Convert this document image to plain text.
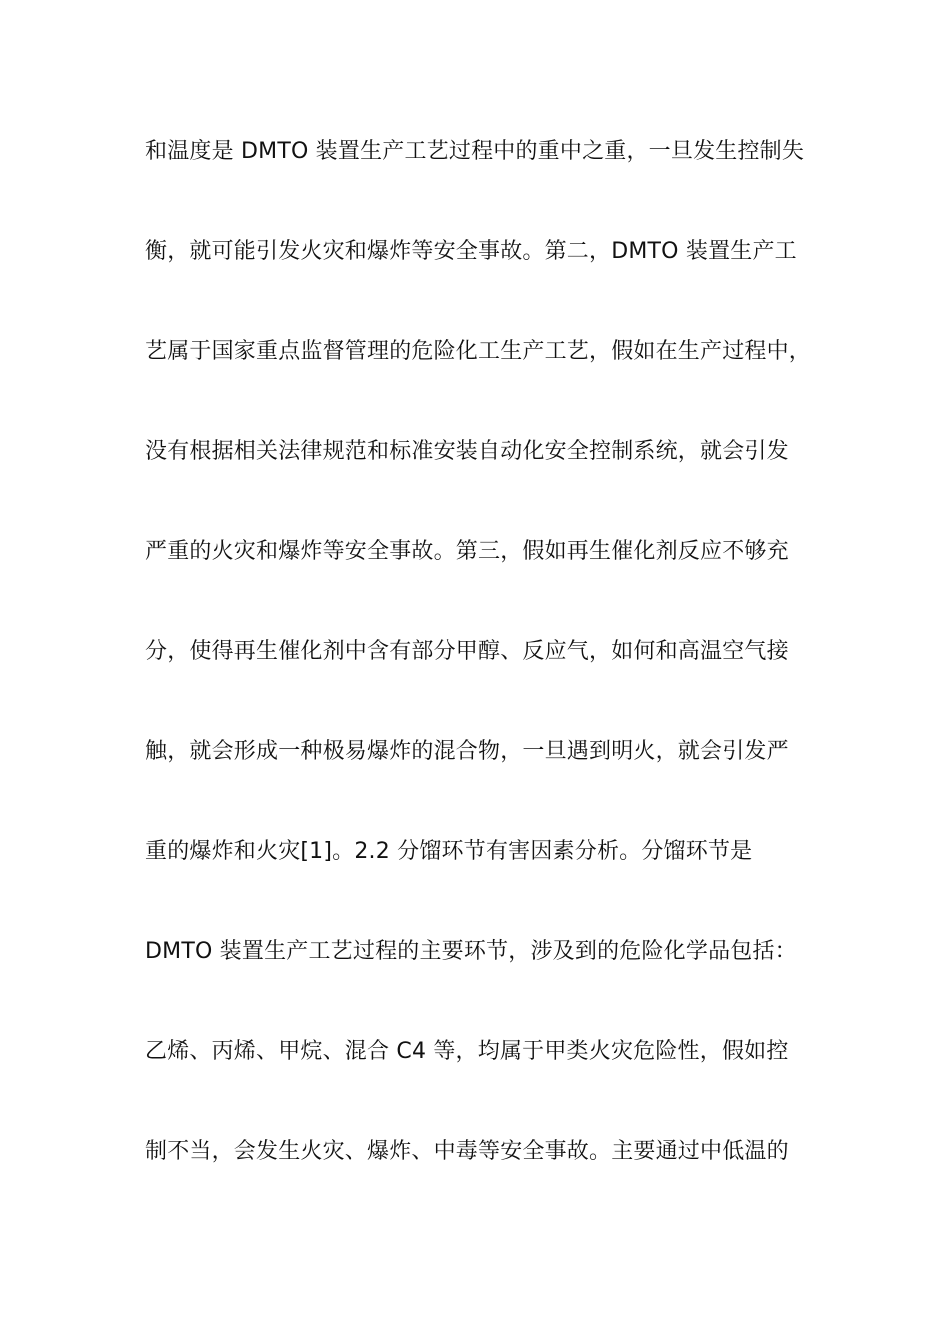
和温度是 DMTO 装置生产工艺过程中的重中之重，一旦发生控制失
衡，就可能引发火灾和爆炸等安全事故。第二，DMTO 装置生产工
艺属于国家重点监督管理的危险化工生产工艺，假如在生产过程中，
没有根据相关法律规范和标准安装自动化安全控制系统，就会引发
严重的火灾和爆炸等安全事故。第三，假如再生催化剂反应不够充
分，使得再生催化剂中含有部分甲醇、反应气，如何和高温空气接
触，就会形成一种极易爆炸的混合物，一旦遇到明火，就会引发严
重的爆炸和火灾[1]。2.2 分馏环节有害因素分析。分馏环节是
DMTO 装置生产工艺过程的主要环节，涉及到的危险化学品包括：
乙烯、丙烯、甲烷、混合 C4 等，均属于甲类火灾危险性，假如控
制不当，会发生火灾、爆炸、中毒等安全事故。主要通过中低温的
